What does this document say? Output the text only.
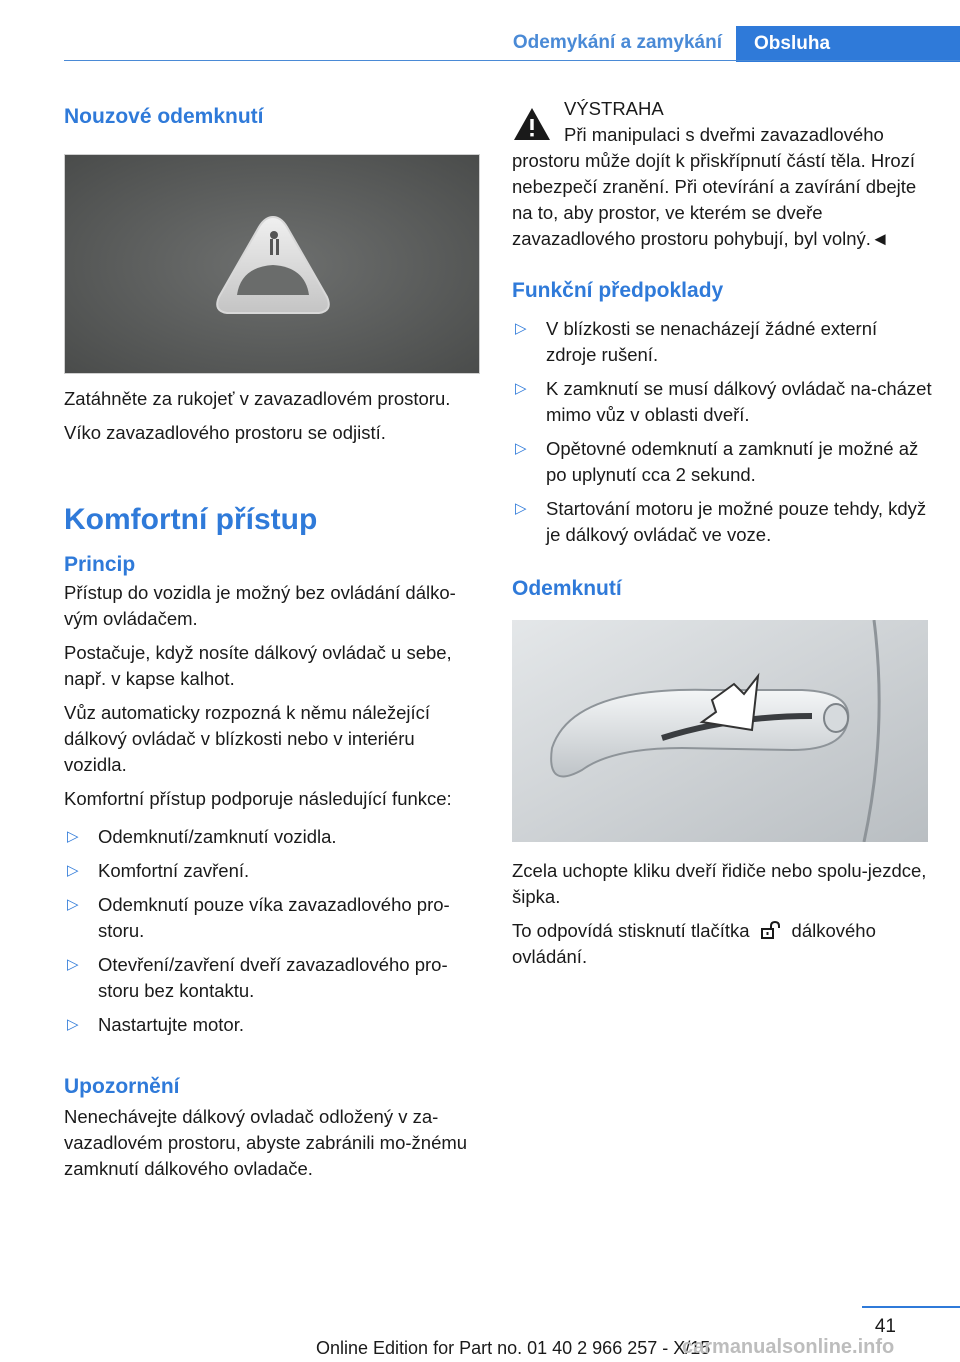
Odemykání a zamykání	Obsluha
Nouzové odemknutí

Zatáhněte za rukojeť v zavazadlovém prostoru.

Víko zavazadlového prostoru se odjistí.

Komfortní přístup
Princip

Přístup do vozidla je možný bez ovládání dálko-vým ovládačem.

Postačuje, když nosíte dálkový ovládač u sebe, např. v kapse kalhot.

Vůz automaticky rozpozná k němu náležející dálkový ovládač v blízkosti nebo v interiéru vozidla.

Komfortní přístup podporuje následující funkce:

▷ Odemknutí/zamknutí vozidla.
▷ Komfortní zavření.
▷ Odemknutí pouze víka zavazadlového pro-storu.
▷ Otevření/zavření dveří zavazadlového pro-storu bez kontaktu.
▷ Nastartujte motor.
Upozornění

Nenechávejte dálkový ovladač odložený v za-vazadlovém prostoru, abyste zabránili mo-žnému zamknutí dálkového ovladače.

VÝSTRAHA

Při manipulaci s dveřmi zavazadlového prostoru může dojít k přiskřípnutí částí těla. Hrozí nebezpečí zranění. Při otevírání a zavírání dbejte na to, aby prostor, ve kterém se dveře zavazadlového prostoru pohybují, byl volný.◄

Funkční předpoklady
▷ V blízkosti se nenacházejí žádné externí zdroje rušení.
▷ K zamknutí se musí dálkový ovládač na-cházet mimo vůz v oblasti dveří.
▷ Opětovné odemknutí a zamknutí je možné až po uplynutí cca 2 sekund.
▷ Startování motoru je možné pouze tehdy, když je dálkový ovládač ve voze.
Odemknutí

Zcela uchopte kliku dveří řidiče nebo spolu-jezdce, šipka.

To odpovídá stisknutí tlačítka dálkového ovládání.

41
Online Edition for Part no. 01 40 2 966 257 - X/15
carmanualsonline.info
